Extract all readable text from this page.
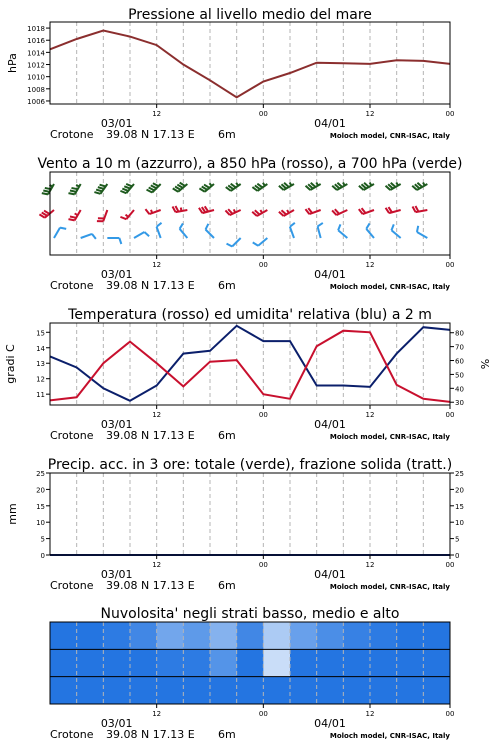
Pressione al livello medio del mare
1006
1008
1010
1012
1014
1016
1018
hPa
12	00	12	00
03/01	04/01
Crotone 39.08 N 17.13 E 6m	Moloch model, CNR-ISAC, Italy
Vento a 10 m (azzurro), a 850 hPa (rosso), a 700 hPa (verde)
12	00	12	00
03/01	04/01
Crotone 39.08 N 17.13 E 6m	Moloch model, CNR-ISAC, Italy
Temperatura (rosso) ed umidita' relativa (blu) a 2 m
11
12
13
14
15
30
40
50
60
70
80
gradi C	%
12	00	12	00
03/01	04/01
Crotone 39.08 N 17.13 E 6m	Moloch model, CNR-ISAC, Italy
Precip. acc. in 3 ore: totale (verde), frazione solida (tratt.)
0
5
10
15
20
25
0
5
10
15
20
25
mm
12	00	12	00
03/01	04/01
Crotone 39.08 N 17.13 E 6m	Moloch model, CNR-ISAC, Italy
Nuvolosita' negli strati basso, medio e alto
12	00	12	00
03/01	04/01
Crotone 39.08 N 17.13 E 6m	Moloch model, CNR-ISAC, Italy
